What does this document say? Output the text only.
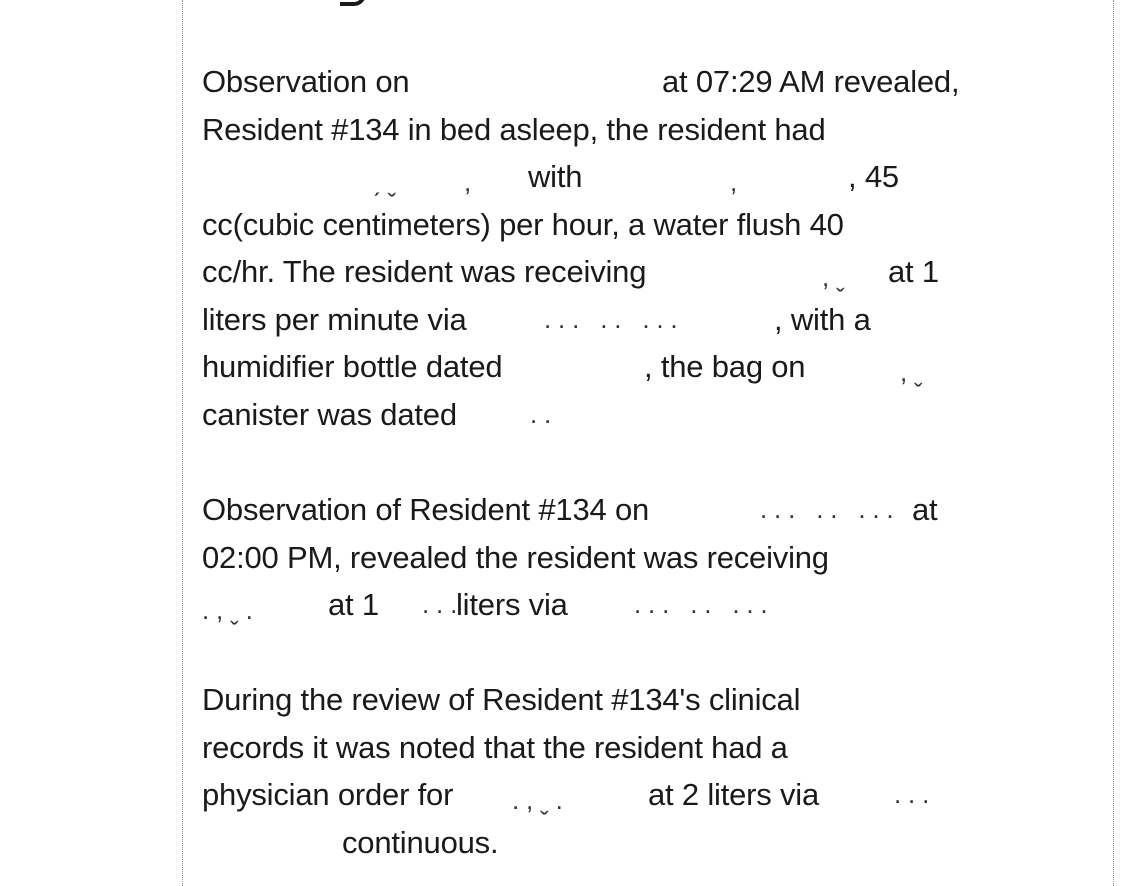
Observation on	at 07:29 AM revealed,
Resident #134 in bed asleep, the resident had
ˏ ˬ	, with	,	, 45
cc(cubic centimeters) per hour, a water flush 40
cc/hr. The resident was receiving	, ˬ at 1
liters per minute via	. . .   . .   . . .	, with a
humidifier bottle dated	, the bag on	, ˬ
canister was dated	. .
Observation of Resident #134 on	. . .   . .   . . . at
02:00 PM, revealed the resident was receiving
. , ˬ . at 1 . . .
liters via	. . .   . .   . . .
During the review of Resident #134's clinical
records it was noted that the resident had a
physician order for . , ˬ .	at 2 liters via	. . .
continuous.
